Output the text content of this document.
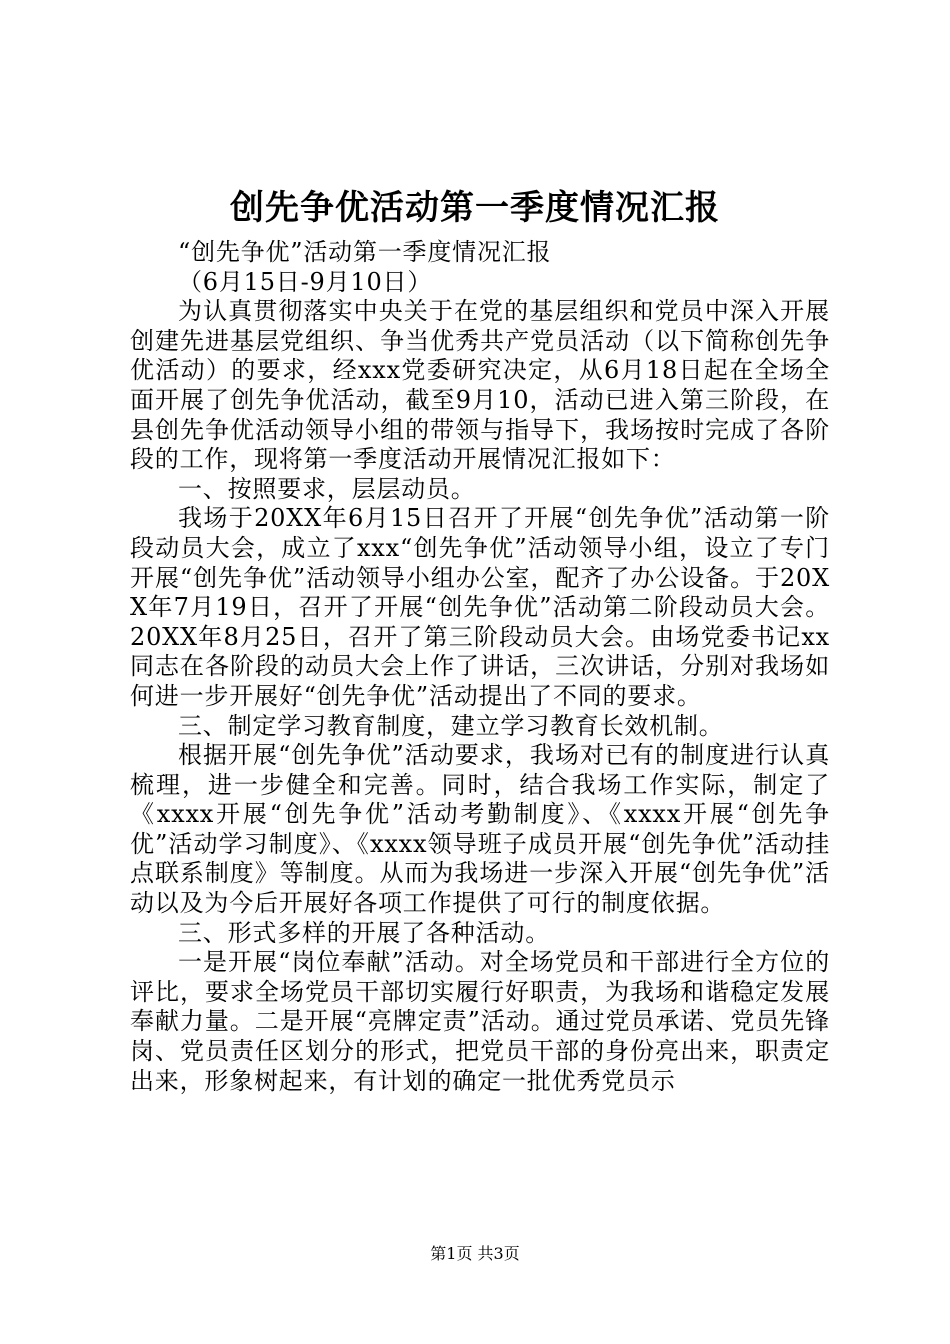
创先争优活动第一季度情况汇报

“创先争优”活动第一季度情况汇报

（6月15日-9月10日）

为认真贯彻落实中央关于在党的基层组织和党员中深入开展创建先进基层党组织、争当优秀共产党员活动（以下简称创先争优活动）的要求，经xxx党委研究决定，从6月18日起在全场全面开展了创先争优活动，截至9月10，活动已进入第三阶段，在县创先争优活动领导小组的带领与指导下，我场按时完成了各阶段的工作，现将第一季度活动开展情况汇报如下：

一、按照要求，层层动员。

我场于20XX年6月15日召开了开展“创先争优”活动第一阶段动员大会，成立了xxx“创先争优”活动领导小组，设立了专门开展“创先争优”活动领导小组办公室，配齐了办公设备。于20XX年7月19日，召开了开展“创先争优”活动第二阶段动员大会。20XX年8月25日，召开了第三阶段动员大会。由场党委书记xx同志在各阶段的动员大会上作了讲话，三次讲话，分别对我场如何进一步开展好“创先争优”活动提出了不同的要求。

三、制定学习教育制度，建立学习教育长效机制。

根据开展“创先争优”活动要求，我场对已有的制度进行认真梳理，进一步健全和完善。同时，结合我场工作实际，制定了《xxxx开展“创先争优”活动考勤制度》、《xxxx开展“创先争优”活动学习制度》、《xxxx领导班子成员开展“创先争优”活动挂点联系制度》等制度。从而为我场进一步深入开展“创先争优”活动以及为今后开展好各项工作提供了可行的制度依据。

三、形式多样的开展了各种活动。

一是开展“岗位奉献”活动。对全场党员和干部进行全方位的评比，要求全场党员干部切实履行好职责，为我场和谐稳定发展奉献力量。二是开展“亮牌定责”活动。通过党员承诺、党员先锋岗、党员责任区划分的形式，把党员干部的身份亮出来，职责定出来，形象树起来，有计划的确定一批优秀党员示

第1页 共3页
